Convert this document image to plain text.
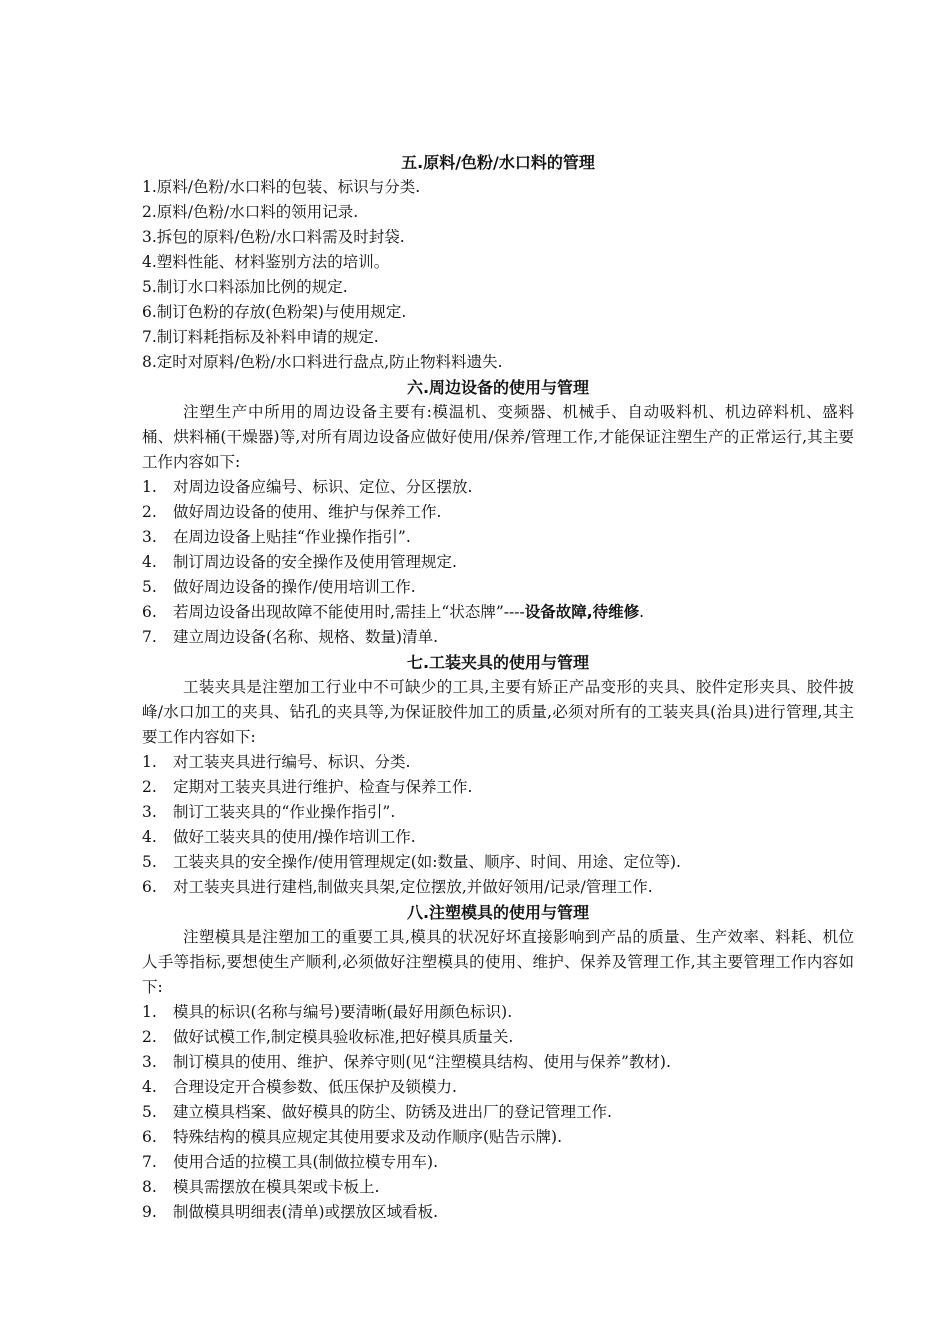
五.原料/色粉/水口料的管理
1.原料/色粉/水口料的包装、标识与分类.
2.原料/色粉/水口料的领用记录.
3.拆包的原料/色粉/水口料需及时封袋.
4.塑料性能、材料鉴别方法的培训。
5.制订水口料添加比例的规定.
6.制订色粉的存放(色粉架)与使用规定.
7.制订料耗指标及补料申请的规定.
8.定时对原料/色粉/水口料进行盘点,防止物料料遗失.
六.周边设备的使用与管理
注塑生产中所用的周边设备主要有:模温机、变频器、机械手、自动吸料机、机边碎料机、盛料桶、烘料桶(干燥器)等,对所有周边设备应做好使用/保养/管理工作,才能保证注塑生产的正常运行,其主要工作内容如下:
1. 对周边设备应编号、标识、定位、分区摆放.
2. 做好周边设备的使用、维护与保养工作.
3. 在周边设备上贴挂“作业操作指引”.
4. 制订周边设备的安全操作及使用管理规定.
5. 做好周边设备的操作/使用培训工作.
6. 若周边设备出现故障不能使用时,需挂上“状态牌”----设备故障,待维修.
7. 建立周边设备(名称、规格、数量)清单.
七.工装夹具的使用与管理
工装夹具是注塑加工行业中不可缺少的工具,主要有矫正产品变形的夹具、胶件定形夹具、胶件披峰/水口加工的夹具、钻孔的夹具等,为保证胶件加工的质量,必须对所有的工装夹具(治具)进行管理,其主要工作内容如下:
1. 对工装夹具进行编号、标识、分类.
2. 定期对工装夹具进行维护、检查与保养工作.
3. 制订工装夹具的“作业操作指引”.
4. 做好工装夹具的使用/操作培训工作.
5. 工装夹具的安全操作/使用管理规定(如:数量、顺序、时间、用途、定位等).
6. 对工装夹具进行建档,制做夹具架,定位摆放,并做好领用/记录/管理工作.
八.注塑模具的使用与管理
注塑模具是注塑加工的重要工具,模具的状况好坏直接影响到产品的质量、生产效率、料耗、机位人手等指标,要想使生产顺利,必须做好注塑模具的使用、维护、保养及管理工作,其主要管理工作内容如下:
1. 模具的标识(名称与编号)要清晰(最好用颜色标识).
2. 做好试模工作,制定模具验收标准,把好模具质量关.
3. 制订模具的使用、维护、保养守则(见“注塑模具结构、使用与保养”教材).
4. 合理设定开合模参数、低压保护及锁模力.
5. 建立模具档案、做好模具的防尘、防锈及进出厂的登记管理工作.
6. 特殊结构的模具应规定其使用要求及动作顺序(贴告示牌).
7. 使用合适的拉模工具(制做拉模专用车).
8. 模具需摆放在模具架或卡板上.
9. 制做模具明细表(清单)或摆放区域看板.
